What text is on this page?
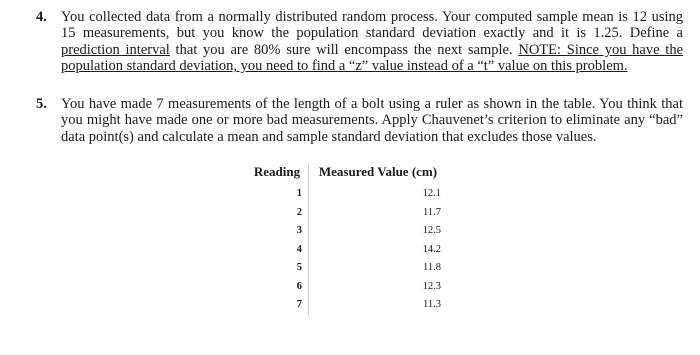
4. You collected data from a normally distributed random process. Your computed sample mean is 12 using 15 measurements, but you know the population standard deviation exactly and it is 1.25. Define a prediction interval that you are 80% sure will encompass the next sample. NOTE: Since you have the population standard deviation, you need to find a “z” value instead of a “t” value on this problem.
5. You have made 7 measurements of the length of a bolt using a ruler as shown in the table. You think that you might have made one or more bad measurements. Apply Chauvenet’s criterion to eliminate any “bad” data point(s) and calculate a mean and sample standard deviation that excludes those values.
Reading	Measured Value (cm)
1	12.1
2	11.7
3	12.5
4	14.2
5	11.8
6	12.3
7	11.3
